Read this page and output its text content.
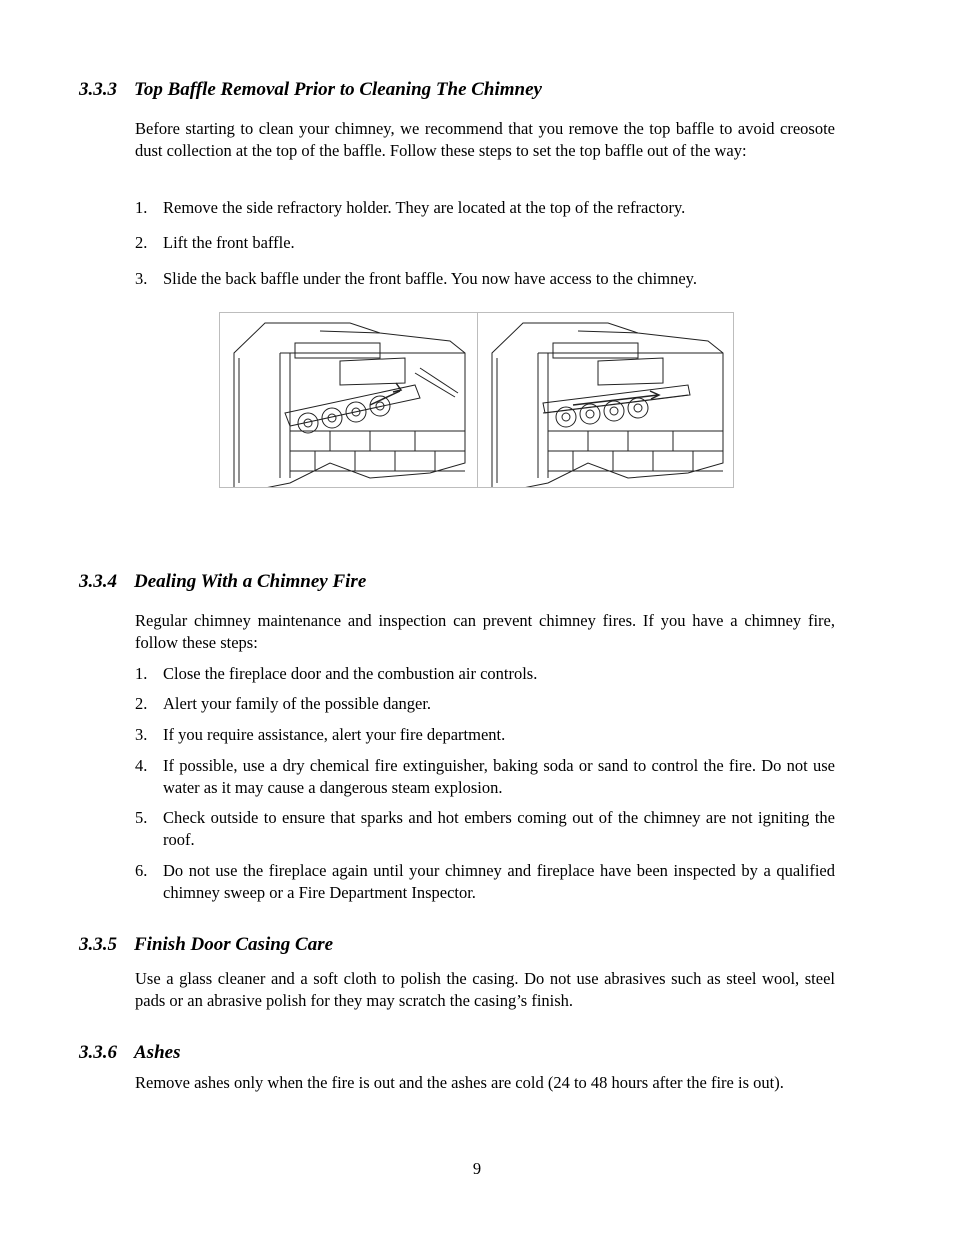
3.3.3 Top Baffle Removal Prior to Cleaning The Chimney

Before starting to clean your chimney, we recommend that you remove the top baffle to avoid creosote dust collection at the top of the baffle. Follow these steps to set the top baffle out of the way:

1. Remove the side refractory holder. They are located at the top of the refractory.
2. Lift the front baffle.
3. Slide the back baffle under the front baffle. You now have access to the chimney.
3.3.4 Dealing With a Chimney Fire

Regular chimney maintenance and inspection can prevent chimney fires. If you have a chimney fire, follow these steps:

1. Close the fireplace door and the combustion air controls.
2. Alert your family of the possible danger.
3. If you require assistance, alert your fire department.
4. If possible, use a dry chemical fire extinguisher, baking soda or sand to control the fire. Do not use water as it may cause a dangerous steam explosion.
5. Check outside to ensure that sparks and hot embers coming out of the chimney are not igniting the roof.
6. Do not use the fireplace again until your chimney and fireplace have been inspected by a qualified chimney sweep or a Fire Department Inspector.
3.3.5 Finish Door Casing Care

Use a glass cleaner and a soft cloth to polish the casing. Do not use abrasives such as steel wool, steel pads or an abrasive polish for they may scratch the casing’s finish.

3.3.6 Ashes

Remove ashes only when the fire is out and the ashes are cold (24 to 48 hours after the fire is out).

9
